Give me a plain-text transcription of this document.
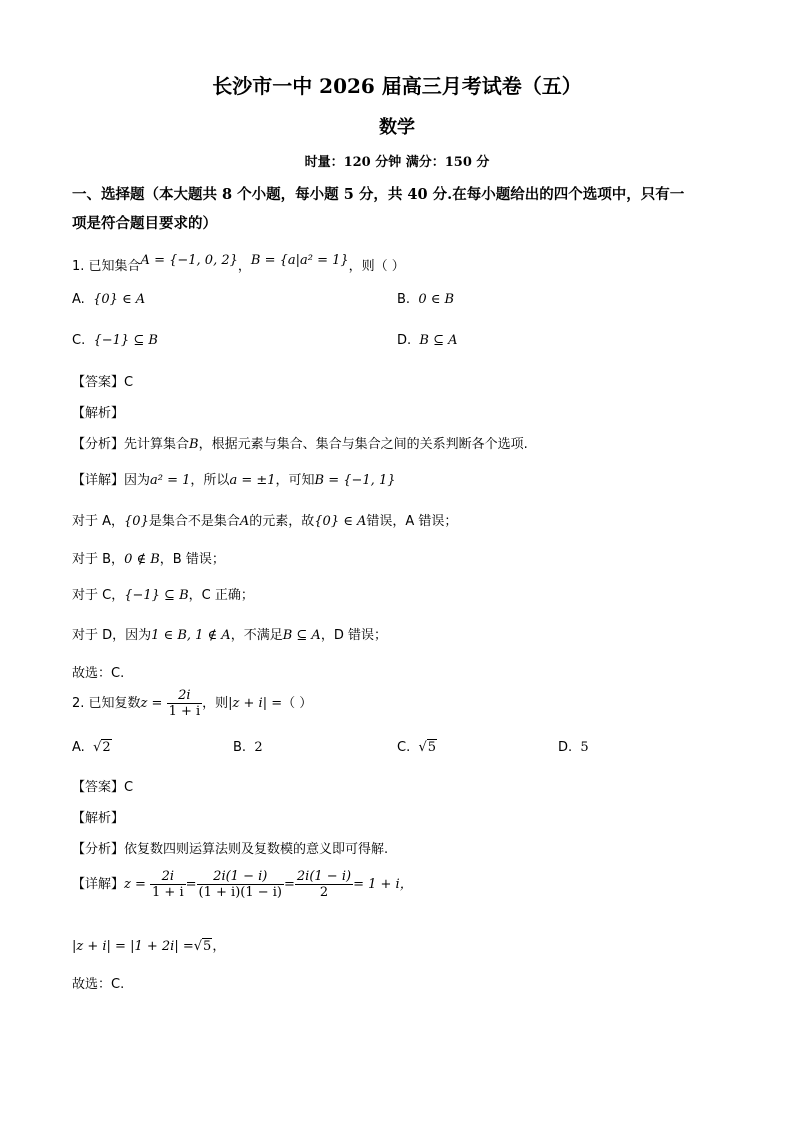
长沙市一中 2026 届高三月考试卷（五）
数学
时量：120 分钟 满分：150 分
一、选择题（本大题共 8 个小题，每小题 5 分，共 40 分.在每小题给出的四个选项中，只有一
项是符合题目要求的）
1. 已知集合A = {−1, 0, 2}，B = {a|a² = 1}，则（ ）
A. {0} ∈ A	B. 0 ∈ B
C. {−1} ⊆ B	D. B ⊆ A
【答案】C
【解析】
【分析】先计算集合B，根据元素与集合、集合与集合之间的关系判断各个选项.
【详解】因为a² = 1，所以a = ±1，可知B = {−1, 1}
对于 A，{0}是集合不是集合A的元素，故{0} ∈ A错误，A 错误；
对于 B，0 ∉ B，B 错误；
对于 C，{−1} ⊆ B，C 正确；
对于 D，因为1 ∈ B, 1 ∉ A，不满足B ⊆ A，D 错误；
故选：C.
2. 已知复数$z = \frac{2i}{1 + i}$ ，则|z + i| =（ ）
A. √2	B. 2	C. √5	D. 5
【答案】C
【解析】
【分析】依复数四则运算法则及复数模的意义即可得解.
【详解】$z = \frac{2i}{1 + i} = \frac{2i(1 - i)}{(1 + i)(1 - i)} = \frac{2i(1 - i)}{2} = 1 + i$，
|z + i| = |1 + 2i| =√5，
故选：C.
